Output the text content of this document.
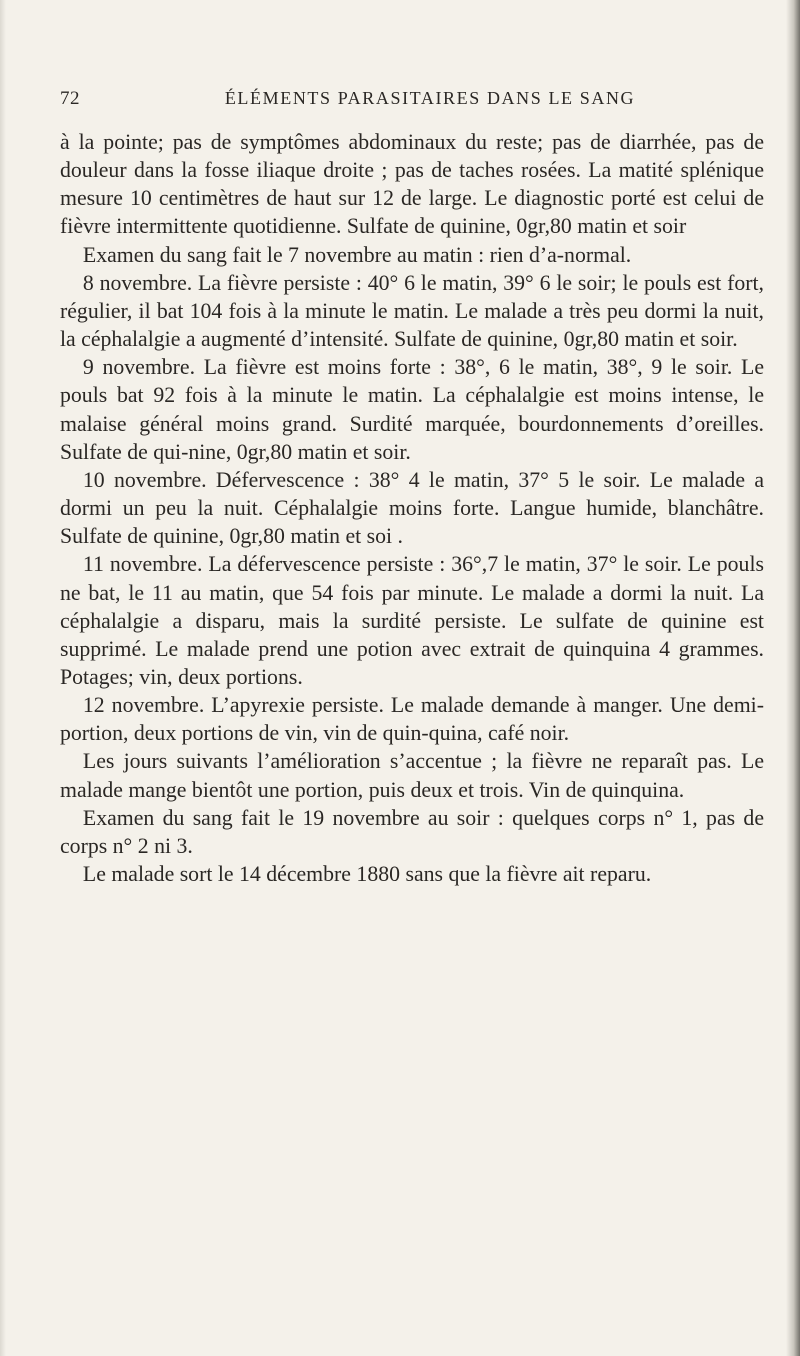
72	ÉLÉMENTS PARASITAIRES DANS LE SANG

à la pointe; pas de symptômes abdominaux du reste; pas de diarrhée, pas de douleur dans la fosse iliaque droite ; pas de taches rosées. La matité splénique mesure 10 centimètres de haut sur 12 de large. Le diagnostic porté est celui de fièvre intermittente quotidienne. Sulfate de quinine, 0gr,80 matin et soir

Examen du sang fait le 7 novembre au matin : rien d’a-normal.

8 novembre. La fièvre persiste : 40° 6 le matin, 39° 6 le soir; le pouls est fort, régulier, il bat 104 fois à la minute le matin. Le malade a très peu dormi la nuit, la céphalalgie a augmenté d’intensité. Sulfate de quinine, 0gr,80 matin et soir.

9 novembre. La fièvre est moins forte : 38°, 6 le matin, 38°, 9 le soir. Le pouls bat 92 fois à la minute le matin. La céphalalgie est moins intense, le malaise général moins grand. Surdité marquée, bourdonnements d’oreilles. Sulfate de qui-nine, 0gr,80 matin et soir.

10 novembre. Défervescence : 38° 4 le matin, 37° 5 le soir. Le malade a dormi un peu la nuit. Céphalalgie moins forte. Langue humide, blanchâtre. Sulfate de quinine, 0gr,80 matin et soi .

11 novembre. La défervescence persiste : 36°,7 le matin, 37° le soir. Le pouls ne bat, le 11 au matin, que 54 fois par minute. Le malade a dormi la nuit. La céphalalgie a disparu, mais la surdité persiste. Le sulfate de quinine est supprimé. Le malade prend une potion avec extrait de quinquina 4 grammes. Potages; vin, deux portions.

12 novembre. L’apyrexie persiste. Le malade demande à manger. Une demi-portion, deux portions de vin, vin de quin-quina, café noir.

Les jours suivants l’amélioration s’accentue ; la fièvre ne reparaît pas. Le malade mange bientôt une portion, puis deux et trois. Vin de quinquina.

Examen du sang fait le 19 novembre au soir : quelques corps n° 1, pas de corps n° 2 ni 3.

Le malade sort le 14 décembre 1880 sans que la fièvre ait reparu.
